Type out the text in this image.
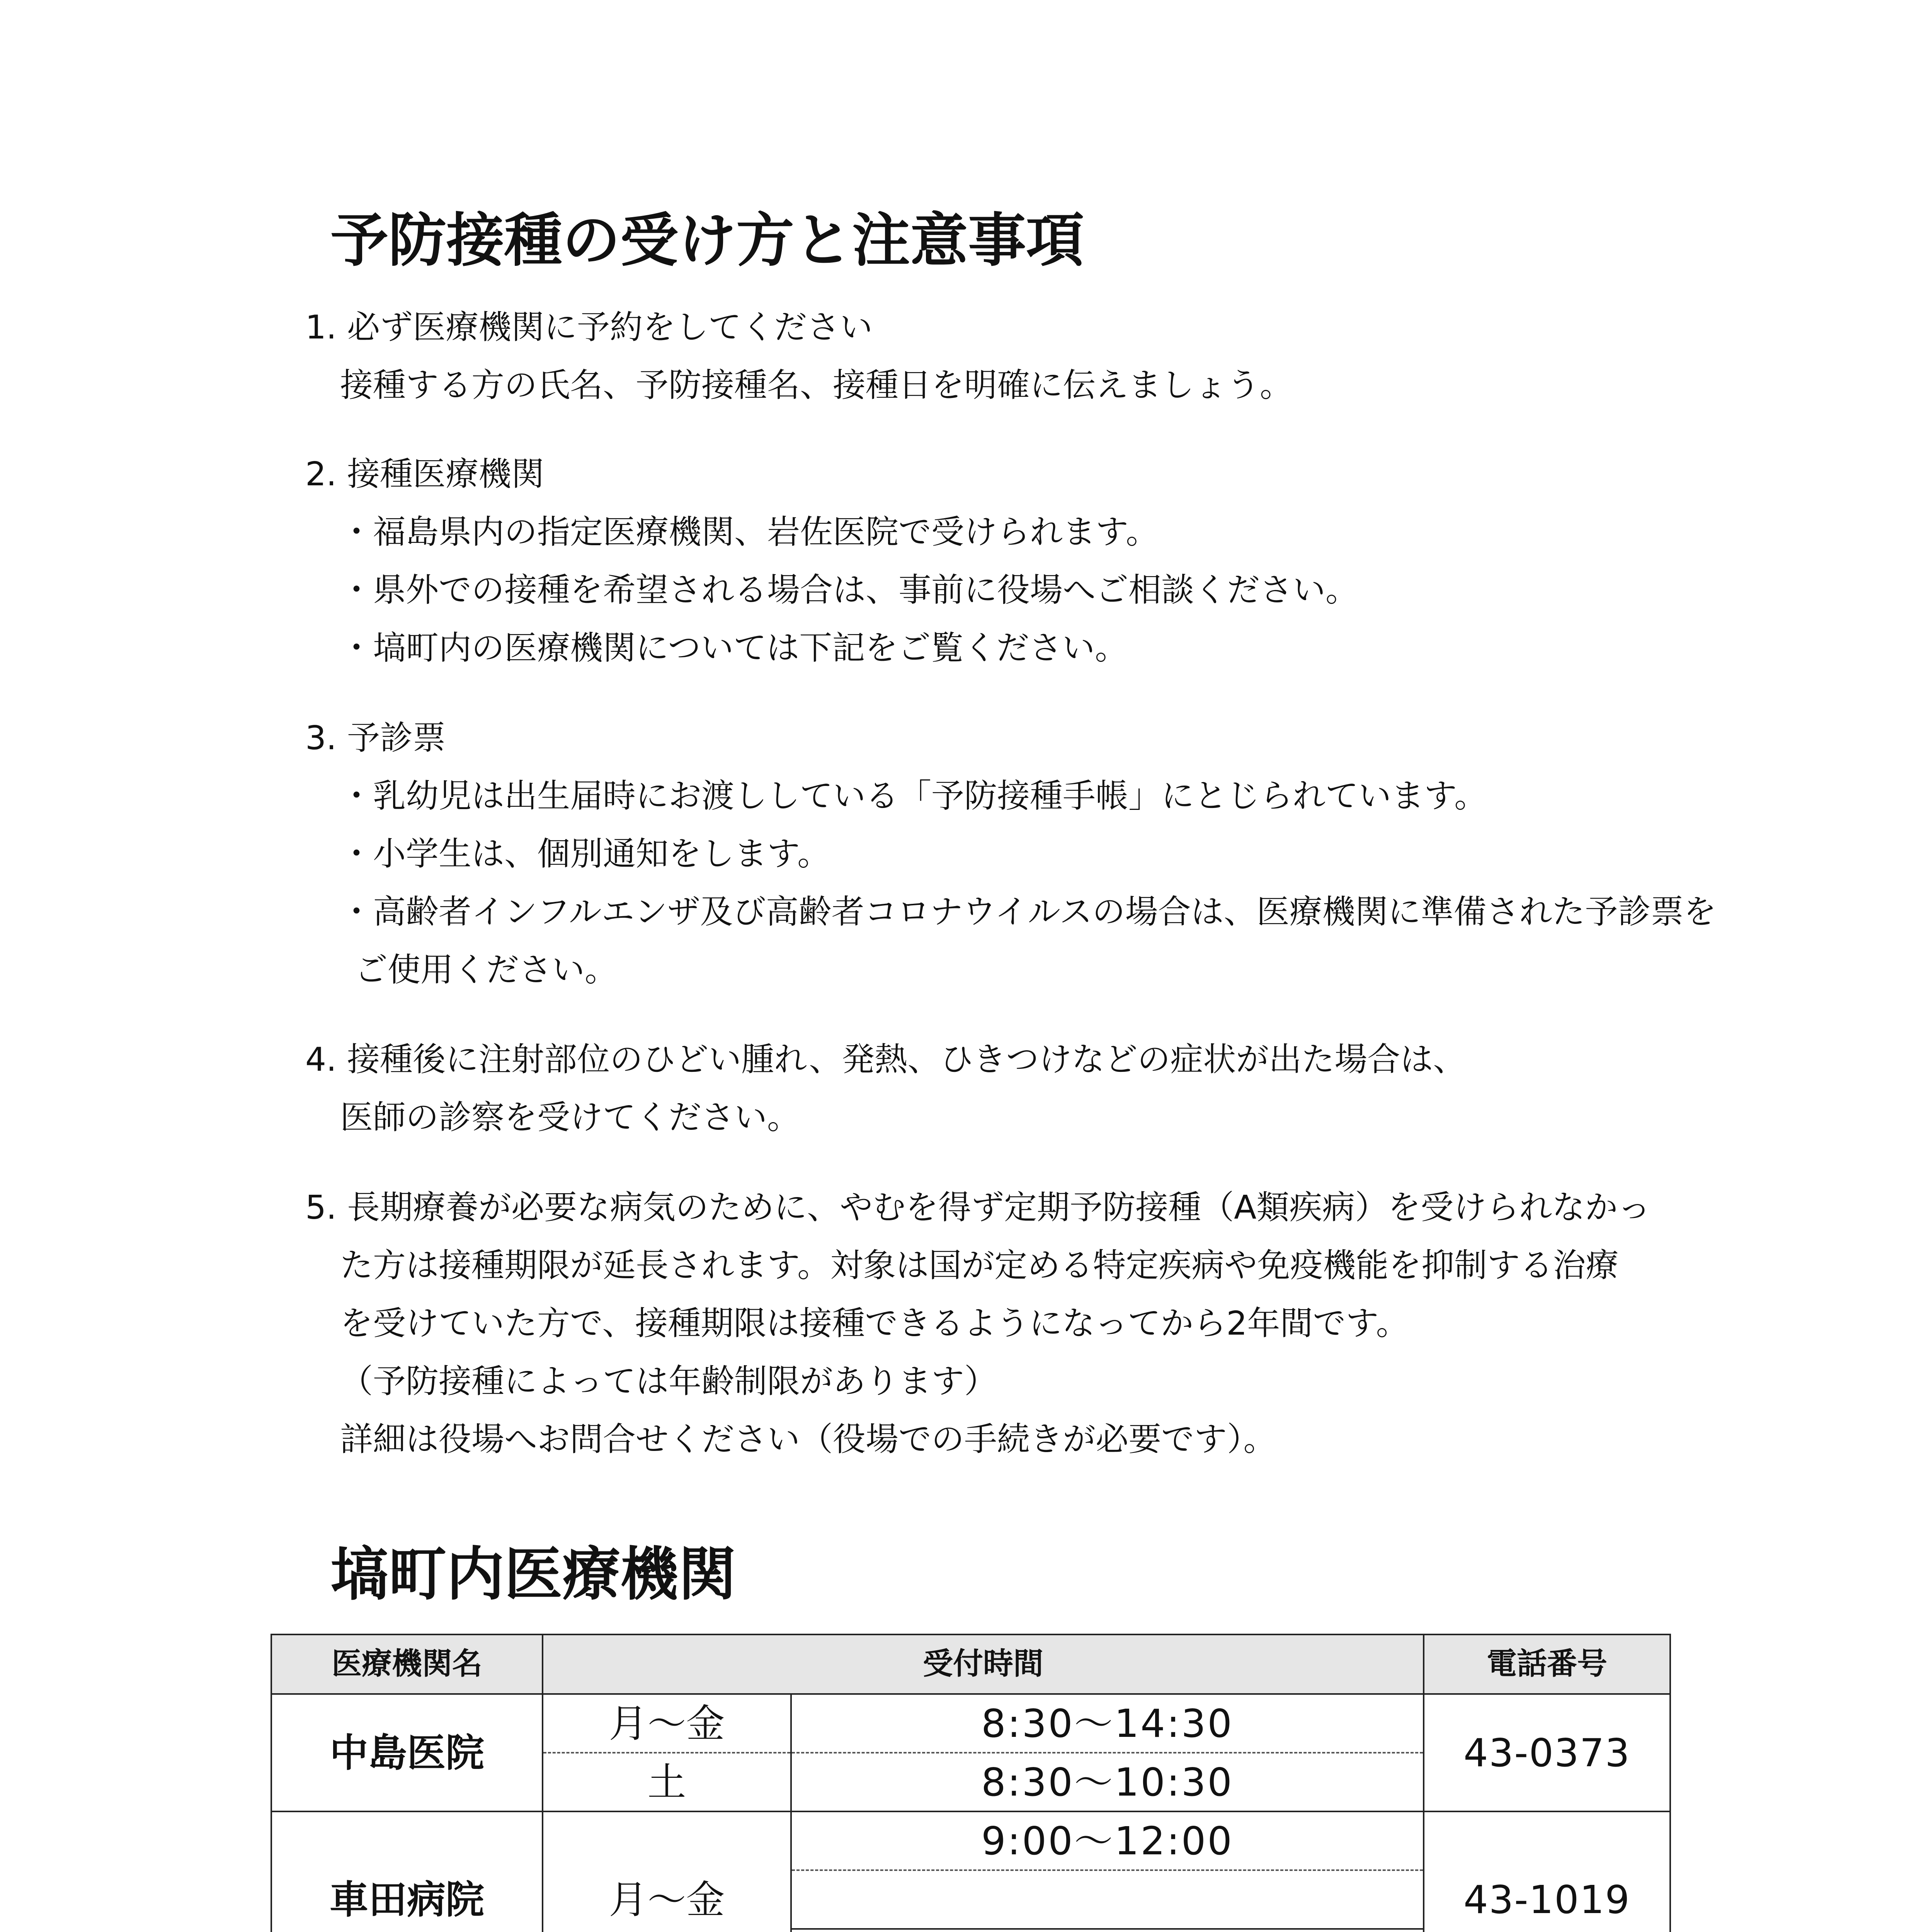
予防接種の受け方と注意事項
1. 必ず医療機関に予約をしてください
接種する方の氏名、予防接種名、接種日を明確に伝えましょう。
2. 接種医療機関
・福島県内の指定医療機関、岩佐医院で受けられます。
・県外での接種を希望される場合は、事前に役場へご相談ください。
・塙町内の医療機関については下記をご覧ください。
3. 予診票
・乳幼児は出生届時にお渡ししている「予防接種手帳」にとじられています。
・小学生は、個別通知をします。
・高齢者インフルエンザ及び高齢者コロナウイルスの場合は、医療機関に準備された予診票を
ご使用ください。
4. 接種後に注射部位のひどい腫れ、発熱、ひきつけなどの症状が出た場合は、
医師の診察を受けてください。
5. 長期療養が必要な病気のために、やむを得ず定期予防接種（A類疾病）を受けられなかっ
た方は接種期限が延長されます。対象は国が定める特定疾病や免疫機能を抑制する治療
を受けていた方で、接種期限は接種できるようになってから2年間です。
（予防接種によっては年齢制限があります）
詳細は役場へお問合せください（役場での手続きが必要です）。
塙町内医療機関
医療機関名	受付時間		電話番号
中島医院	月～金	8:30～14:30	43-0373
	土	8:30～10:30	
車田病院	月～金	9:00～12:00	43-1019
